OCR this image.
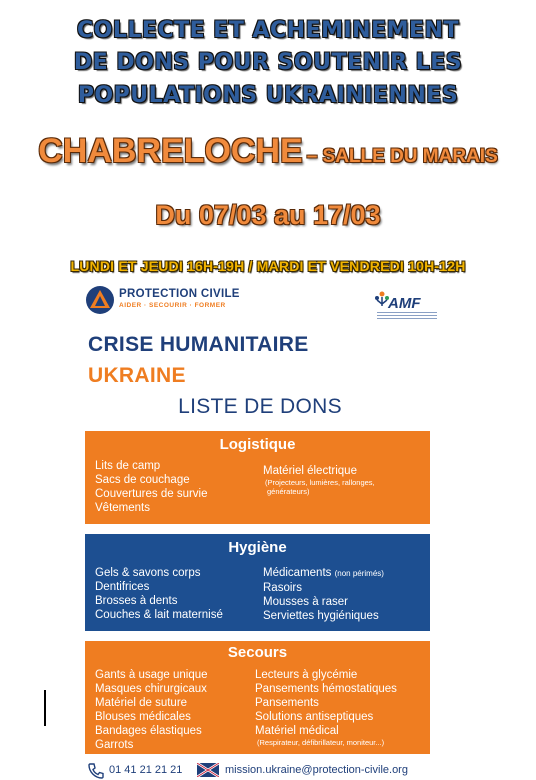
COLLECTE ET ACHEMINEMENT
DE DONS POUR SOUTENIR LES
POPULATIONS UKRAINIENNES
CHABRELOCHE – SALLE DU MARAIS
Du 07/03 au 17/03
LUNDI ET JEUDI 16H-19H / MARDI ET VENDREDI 10H-12H
PROTECTION CIVILE
AIDER · SECOURIR · FORMER	AMF
CRISE HUMANITAIRE
UKRAINE
LISTE DE DONS
Logistique
Lits de camp
Sacs de couchage
Couvertures de survie
Vêtements
Matériel électrique
(Projecteurs, lumières, rallonges,
générateurs)
Hygiène
Gels & savons corps
Dentifrices
Brosses à dents
Couches & lait maternisé
Médicaments (non périmés)
Rasoirs
Mousses à raser
Serviettes hygiéniques
Secours
Gants à usage unique
Masques chirurgicaux
Matériel de suture
Blouses médicales
Bandages élastiques
Garrots
Lecteurs à glycémie
Pansements hémostatiques
Pansements
Solutions antiseptiques
Matériel médical
(Respirateur, défibrillateur, moniteur...)
01 41 21 21 21	mission.ukraine@protection-civile.org
